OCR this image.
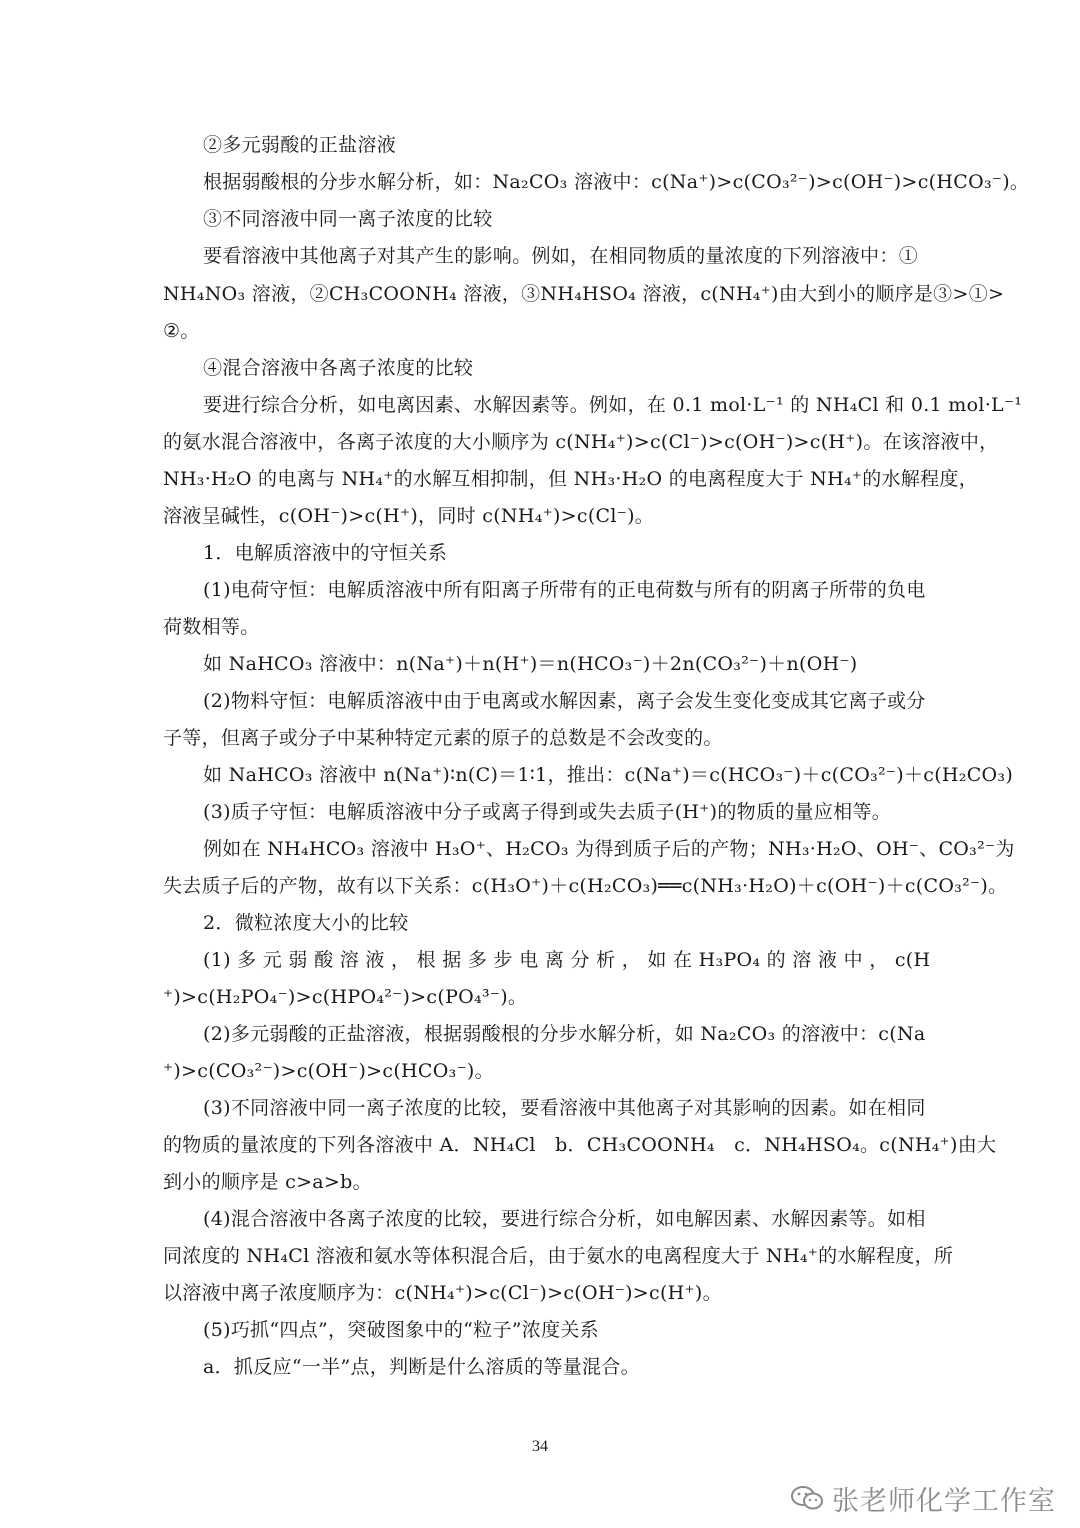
②多元弱酸的正盐溶液
根据弱酸根的分步水解分析，如：Na₂CO₃ 溶液中：c(Na⁺)>c(CO₃²⁻)>c(OH⁻)>c(HCO₃⁻)。
③不同溶液中同一离子浓度的比较
要看溶液中其他离子对其产生的影响。例如，在相同物质的量浓度的下列溶液中：①
NH₄NO₃ 溶液，②CH₃COONH₄ 溶液，③NH₄HSO₄ 溶液，c(NH₄⁺)由大到小的顺序是③>①>
②。
④混合溶液中各离子浓度的比较
要进行综合分析，如电离因素、水解因素等。例如，在 0.1 mol·L⁻¹ 的 NH₄Cl 和 0.1 mol·L⁻¹
的氨水混合溶液中，各离子浓度的大小顺序为 c(NH₄⁺)>c(Cl⁻)>c(OH⁻)>c(H⁺)。在该溶液中，
NH₃·H₂O 的电离与 NH₄⁺的水解互相抑制，但 NH₃·H₂O 的电离程度大于 NH₄⁺的水解程度，
溶液呈碱性，c(OH⁻)>c(H⁺)，同时 c(NH₄⁺)>c(Cl⁻)。
1．电解质溶液中的守恒关系
(1)电荷守恒：电解质溶液中所有阳离子所带有的正电荷数与所有的阴离子所带的负电
荷数相等。
如 NaHCO₃ 溶液中：n(Na⁺)＋n(H⁺)＝n(HCO₃⁻)＋2n(CO₃²⁻)＋n(OH⁻)
(2)物料守恒：电解质溶液中由于电离或水解因素，离子会发生变化变成其它离子或分
子等，但离子或分子中某种特定元素的原子的总数是不会改变的。
如 NaHCO₃ 溶液中 n(Na⁺)∶n(C)＝1∶1，推出：c(Na⁺)＝c(HCO₃⁻)＋c(CO₃²⁻)＋c(H₂CO₃)
(3)质子守恒：电解质溶液中分子或离子得到或失去质子(H⁺)的物质的量应相等。
例如在 NH₄HCO₃ 溶液中 H₃O⁺、H₂CO₃ 为得到质子后的产物；NH₃·H₂O、OH⁻、CO₃²⁻为
失去质子后的产物，故有以下关系：c(H₃O⁺)＋c(H₂CO₃)══c(NH₃·H₂O)＋c(OH⁻)＋c(CO₃²⁻)。
2．微粒浓度大小的比较
(1) 多 元 弱 酸 溶 液 ， 根 据 多 步 电 离 分 析 ， 如 在 H₃PO₄ 的 溶 液 中 ， c(H
⁺)>c(H₂PO₄⁻)>c(HPO₄²⁻)>c(PO₄³⁻)。
(2)多元弱酸的正盐溶液，根据弱酸根的分步水解分析，如 Na₂CO₃ 的溶液中：c(Na
⁺)>c(CO₃²⁻)>c(OH⁻)>c(HCO₃⁻)。
(3)不同溶液中同一离子浓度的比较，要看溶液中其他离子对其影响的因素。如在相同
的物质的量浓度的下列各溶液中 A．NH₄Cl　b．CH₃COONH₄　c．NH₄HSO₄。c(NH₄⁺)由大
到小的顺序是 c>a>b。
(4)混合溶液中各离子浓度的比较，要进行综合分析，如电解因素、水解因素等。如相
同浓度的 NH₄Cl 溶液和氨水等体积混合后，由于氨水的电离程度大于 NH₄⁺的水解程度，所
以溶液中离子浓度顺序为：c(NH₄⁺)>c(Cl⁻)>c(OH⁻)>c(H⁺)。
(5)巧抓“四点”，突破图象中的“粒子”浓度关系
a．抓反应“一半”点，判断是什么溶质的等量混合。
34
张老师化学工作室
